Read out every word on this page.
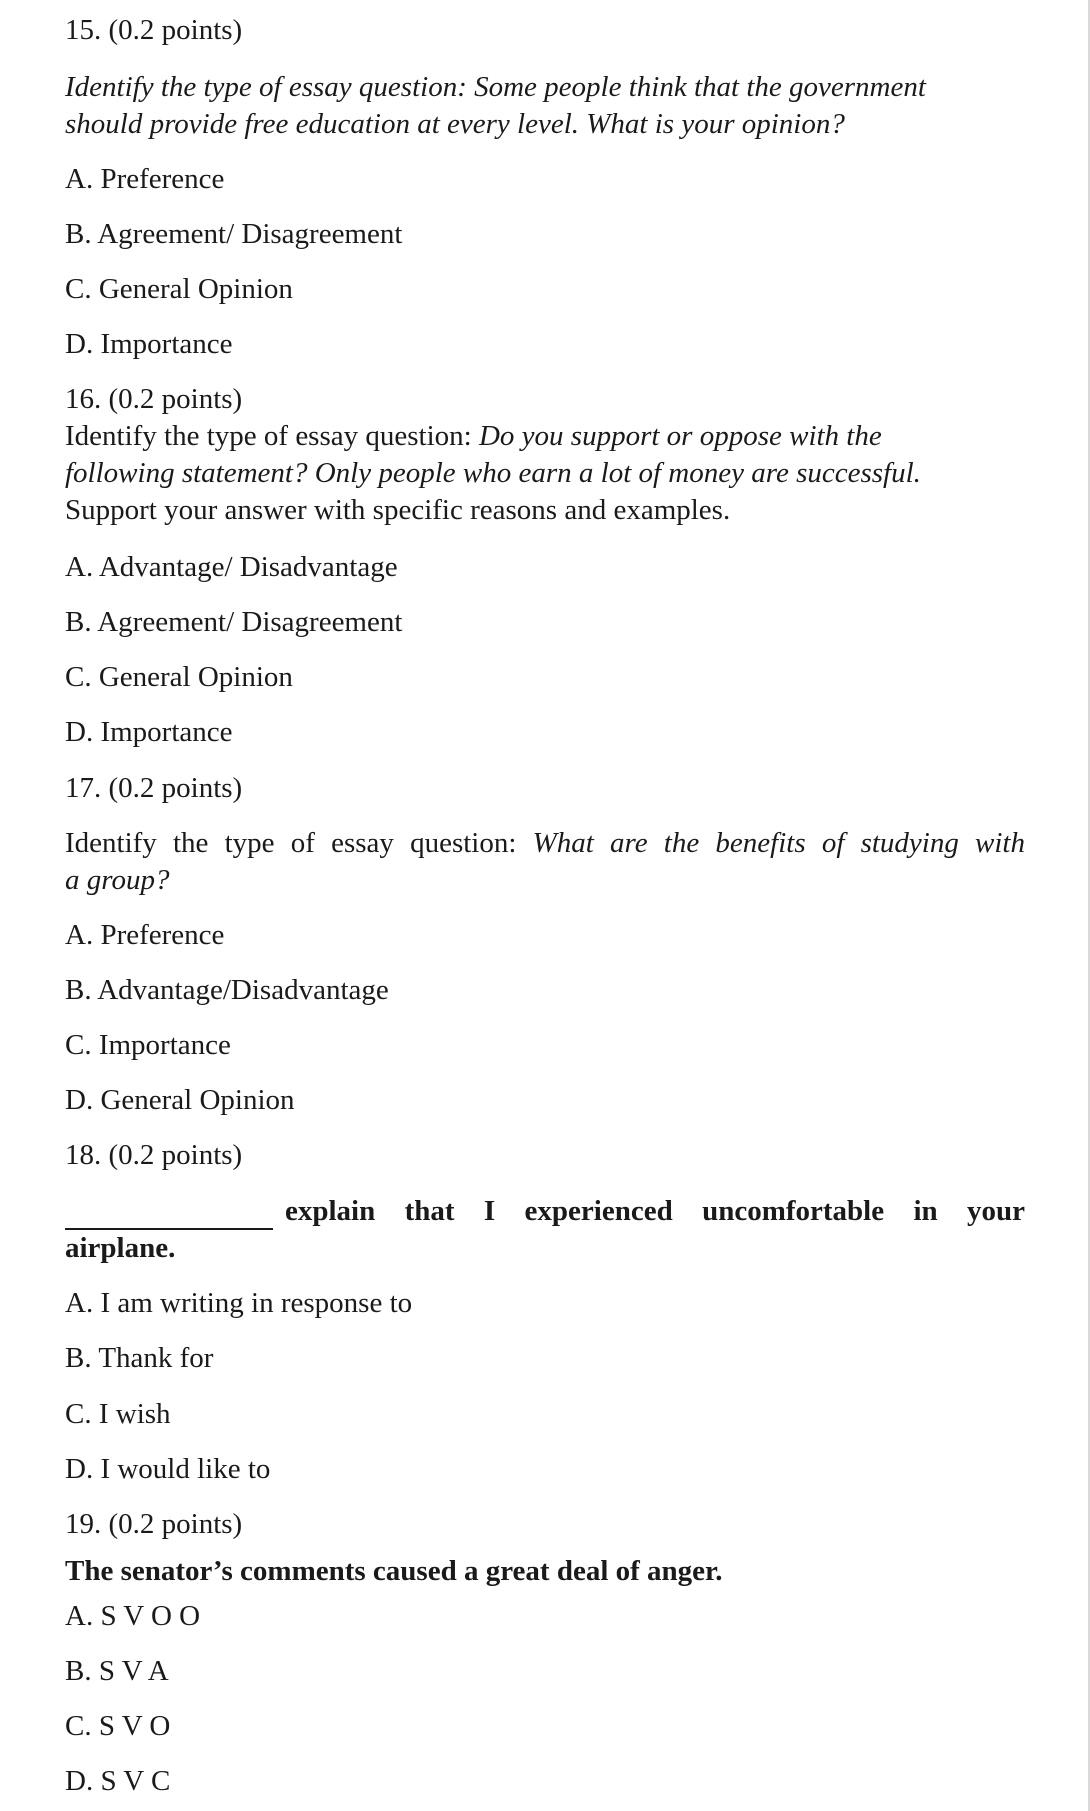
15. (0.2 points)
Identify the type of essay question: Some people think that the government
should provide free education at every level. What is your opinion?
A. Preference
B. Agreement/ Disagreement
C. General Opinion
D. Importance
16. (0.2 points)
Identify the type of essay question: Do you support or oppose with the
following statement? Only people who earn a lot of money are successful.
Support your answer with specific reasons and examples.
A. Advantage/ Disadvantage
B. Agreement/ Disagreement
C. General Opinion
D. Importance
17. (0.2 points)
Identify the type of essay question: What are the benefits of studying with
a group?
A. Preference
B. Advantage/Disadvantage
C. Importance
D. General Opinion
18. (0.2 points)
explain that I experienced uncomfortable in your
airplane.
A. I am writing in response to
B. Thank for
C. I wish
D. I would like to
19. (0.2 points)
The senator’s comments caused a great deal of anger.
A. S V O O
B. S V A
C. S V O
D. S V C
